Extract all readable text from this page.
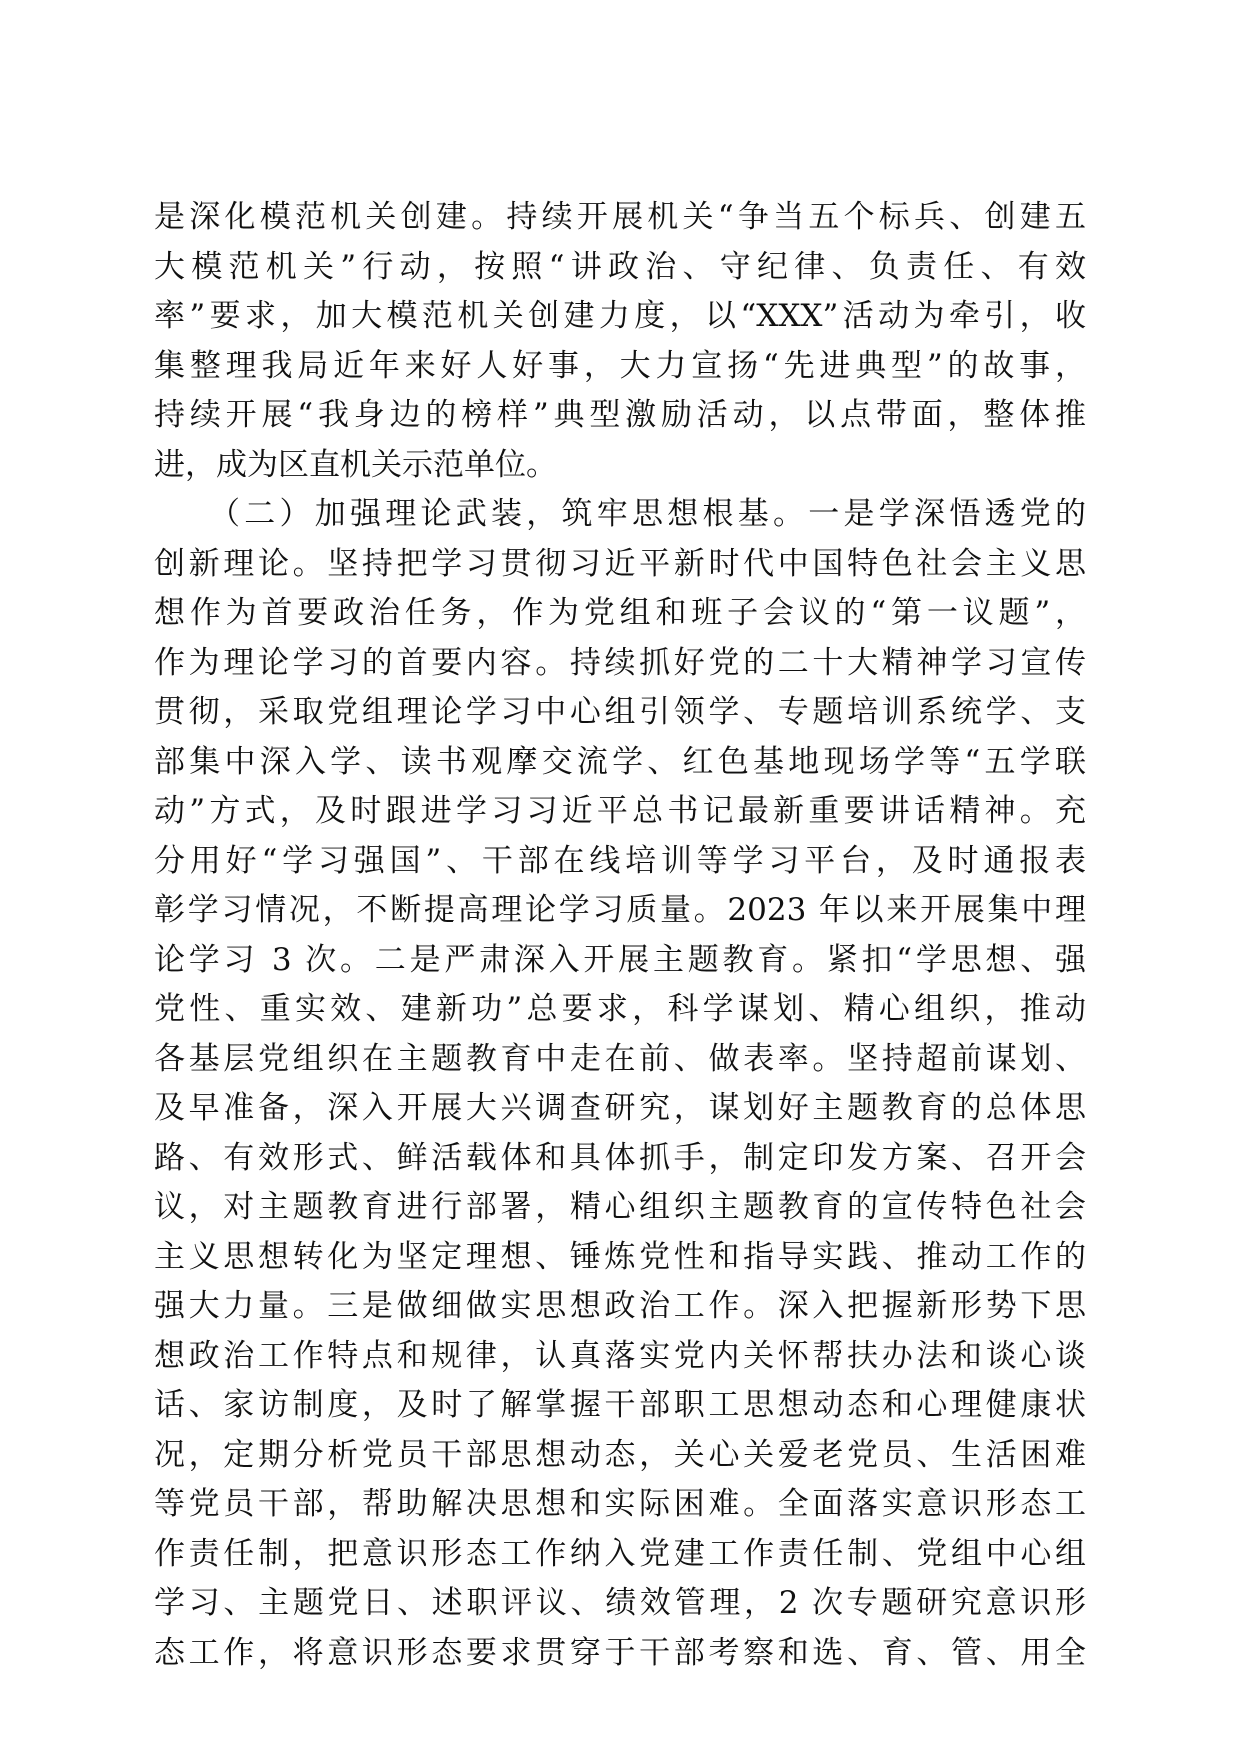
是深化模范机关创建。持续开展机关“争当五个标兵、创建五
大模范机关”行动，按照“讲政治、守纪律、负责任、有效
率”要求，加大模范机关创建力度，以“XXX”活动为牵引，收
集整理我局近年来好人好事，大力宣扬“先进典型”的故事，
持续开展“我身边的榜样”典型激励活动，以点带面，整体推
进，成为区直机关示范单位。
　　（二）加强理论武装，筑牢思想根基。一是学深悟透党的
创新理论。坚持把学习贯彻习近平新时代中国特色社会主义思
想作为首要政治任务，作为党组和班子会议的“第一议题”，
作为理论学习的首要内容。持续抓好党的二十大精神学习宣传
贯彻，采取党组理论学习中心组引领学、专题培训系统学、支
部集中深入学、读书观摩交流学、红色基地现场学等“五学联
动”方式，及时跟进学习习近平总书记最新重要讲话精神。充
分用好“学习强国”、干部在线培训等学习平台，及时通报表
彰学习情况，不断提高理论学习质量。2023 年以来开展集中理
论学习 3 次。二是严肃深入开展主题教育。紧扣“学思想、强
党性、重实效、建新功”总要求，科学谋划、精心组织，推动
各基层党组织在主题教育中走在前、做表率。坚持超前谋划、
及早准备，深入开展大兴调查研究，谋划好主题教育的总体思
路、有效形式、鲜活载体和具体抓手，制定印发方案、召开会
议，对主题教育进行部署，精心组织主题教育的宣传特色社会
主义思想转化为坚定理想、锤炼党性和指导实践、推动工作的
强大力量。三是做细做实思想政治工作。深入把握新形势下思
想政治工作特点和规律，认真落实党内关怀帮扶办法和谈心谈
话、家访制度，及时了解掌握干部职工思想动态和心理健康状
况，定期分析党员干部思想动态，关心关爱老党员、生活困难
等党员干部，帮助解决思想和实际困难。全面落实意识形态工
作责任制，把意识形态工作纳入党建工作责任制、党组中心组
学习、主题党日、述职评议、绩效管理，2 次专题研究意识形
态工作，将意识形态要求贯穿于干部考察和选、育、管、用全
